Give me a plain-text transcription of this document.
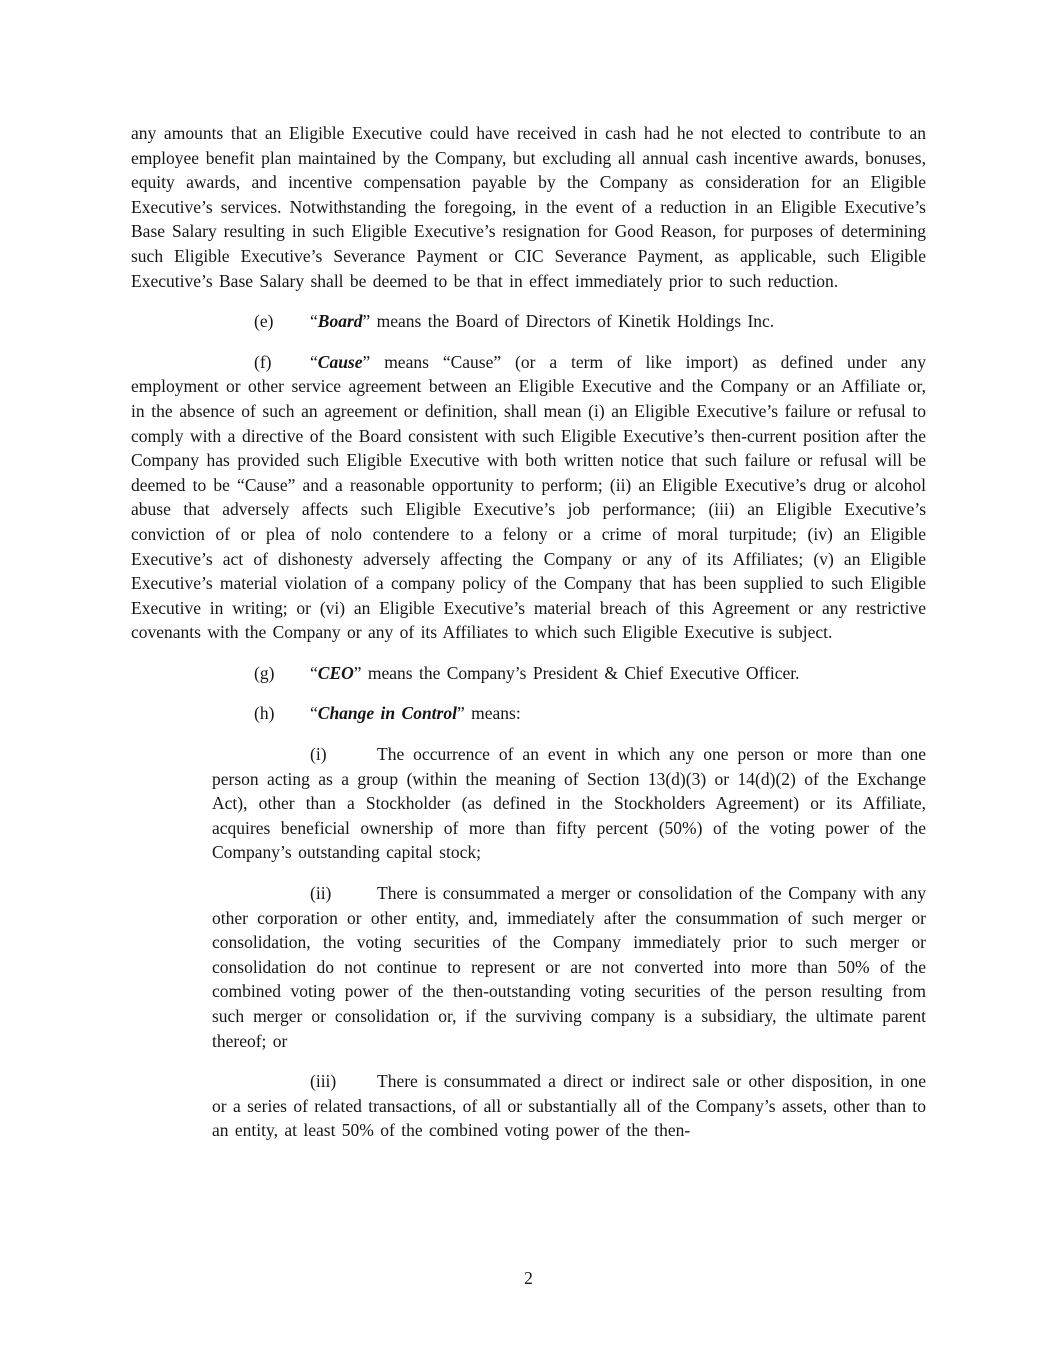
any amounts that an Eligible Executive could have received in cash had he not elected to contribute to an employee benefit plan maintained by the Company, but excluding all annual cash incentive awards, bonuses, equity awards, and incentive compensation payable by the Company as consideration for an Eligible Executive’s services. Notwithstanding the foregoing, in the event of a reduction in an Eligible Executive’s Base Salary resulting in such Eligible Executive’s resignation for Good Reason, for purposes of determining such Eligible Executive’s Severance Payment or CIC Severance Payment, as applicable, such Eligible Executive’s Base Salary shall be deemed to be that in effect immediately prior to such reduction.

(e) “Board” means the Board of Directors of Kinetik Holdings Inc.

(f) “Cause” means “Cause” (or a term of like import) as defined under any employment or other service agreement between an Eligible Executive and the Company or an Affiliate or, in the absence of such an agreement or definition, shall mean (i) an Eligible Executive’s failure or refusal to comply with a directive of the Board consistent with such Eligible Executive’s then-current position after the Company has provided such Eligible Executive with both written notice that such failure or refusal will be deemed to be “Cause” and a reasonable opportunity to perform; (ii) an Eligible Executive’s drug or alcohol abuse that adversely affects such Eligible Executive’s job performance; (iii) an Eligible Executive’s conviction of or plea of nolo contendere to a felony or a crime of moral turpitude; (iv) an Eligible Executive’s act of dishonesty adversely affecting the Company or any of its Affiliates; (v) an Eligible Executive’s material violation of a company policy of the Company that has been supplied to such Eligible Executive in writing; or (vi) an Eligible Executive’s material breach of this Agreement or any restrictive covenants with the Company or any of its Affiliates to which such Eligible Executive is subject.

(g) “CEO” means the Company’s President & Chief Executive Officer.

(h) “Change in Control” means:

(i)	The occurrence of an event in which any one person or more than one person acting as a group (within the meaning of Section 13(d)(3) or 14(d)(2) of the Exchange Act), other than a Stockholder (as defined in the Stockholders Agreement) or its Affiliate, acquires beneficial ownership of more than fifty percent (50%) of the voting power of the Company’s outstanding capital stock;

(ii)	There is consummated a merger or consolidation of the Company with any other corporation or other entity, and, immediately after the consummation of such merger or consolidation, the voting securities of the Company immediately prior to such merger or consolidation do not continue to represent or are not converted into more than 50% of the combined voting power of the then-outstanding voting securities of the person resulting from such merger or consolidation or, if the surviving company is a subsidiary, the ultimate parent thereof; or

(iii) There is consummated a direct or indirect sale or other disposition, in one or a series of related transactions, of all or substantially all of the Company’s assets, other than to an entity, at least 50% of the combined voting power of the then-

2
